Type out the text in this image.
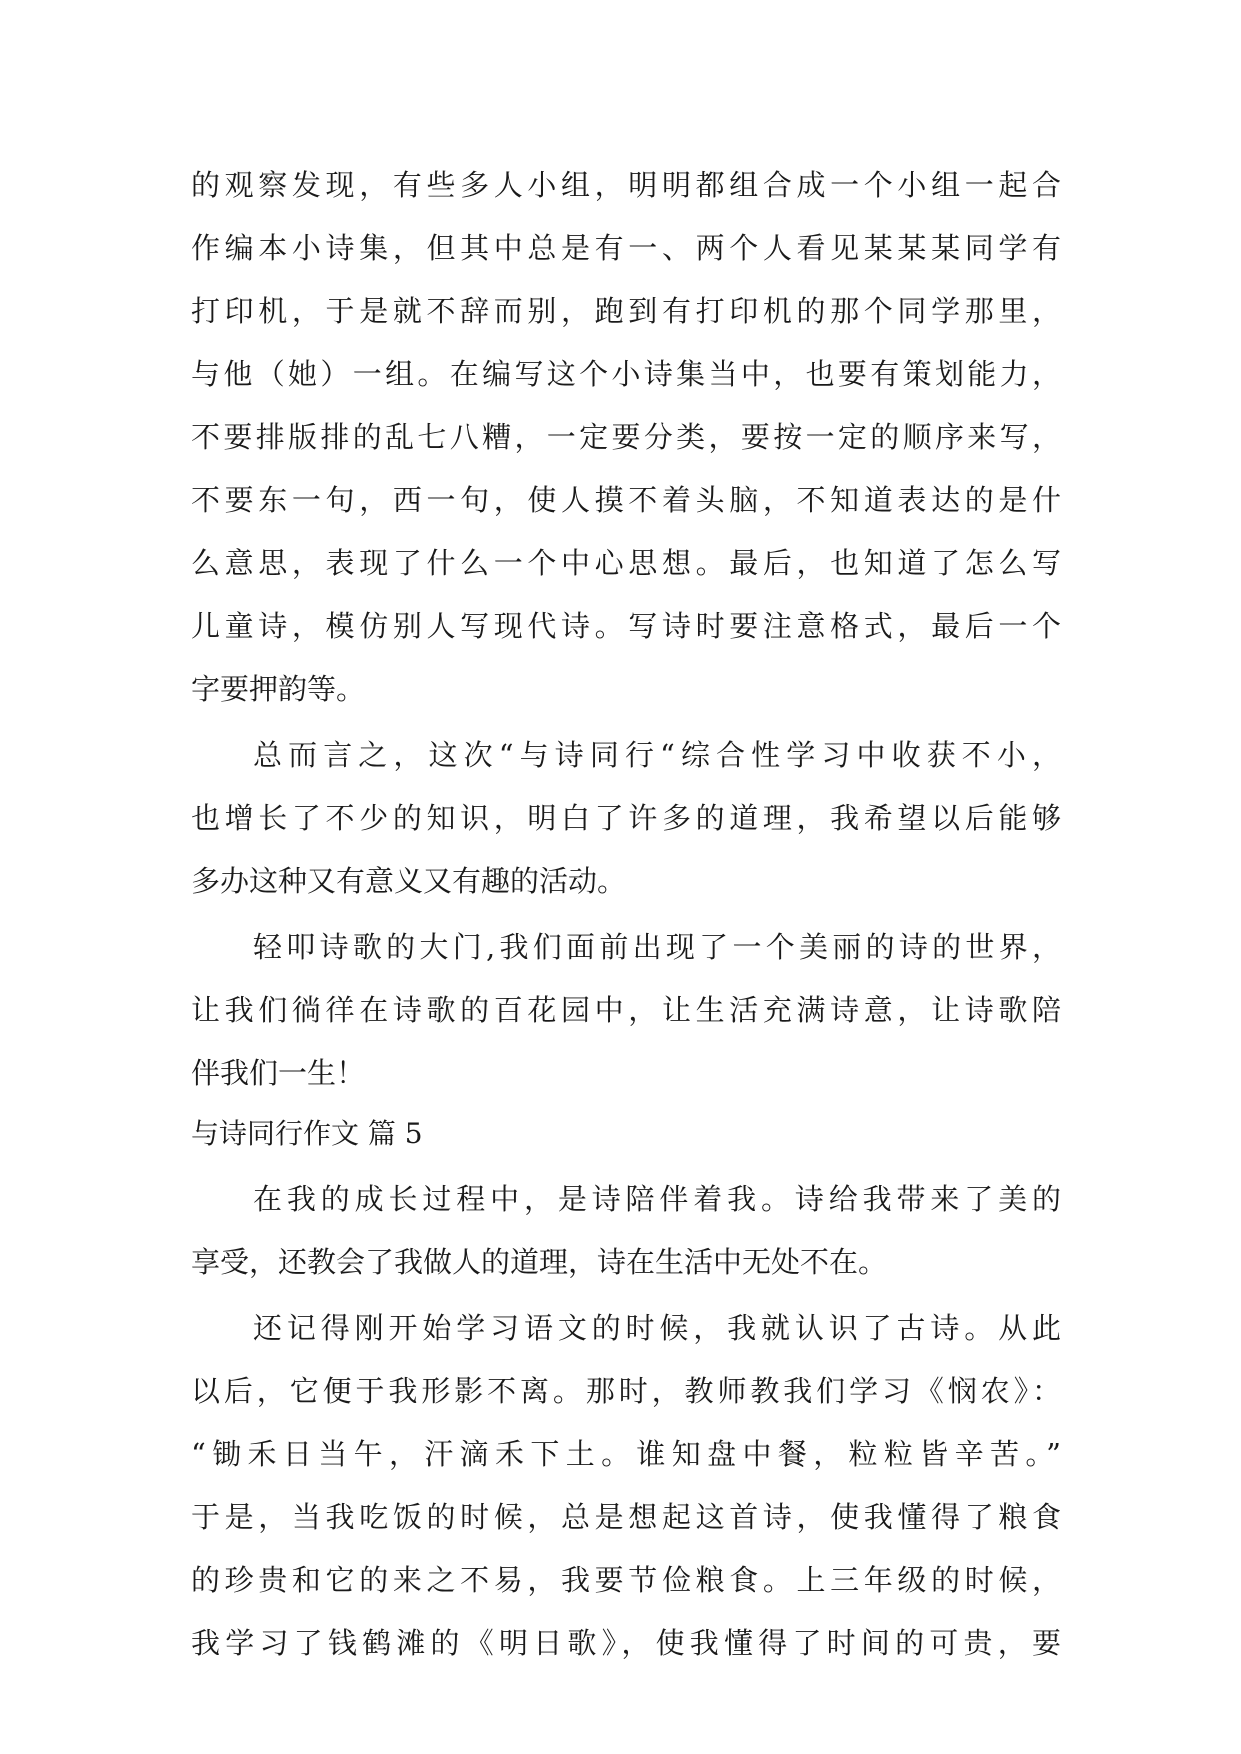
的观察发现，有些多人小组，明明都组合成一个小组一起合
作编本小诗集，但其中总是有一、两个人看见某某某同学有
打印机，于是就不辞而别，跑到有打印机的那个同学那里，
与他（她）一组。在编写这个小诗集当中，也要有策划能力，
不要排版排的乱七八糟，一定要分类，要按一定的顺序来写，
不要东一句，西一句，使人摸不着头脑，不知道表达的是什
么意思，表现了什么一个中心思想。最后，也知道了怎么写
儿童诗，模仿别人写现代诗。写诗时要注意格式，最后一个
字要押韵等。
总而言之，这次“与诗同行“综合性学习中收获不小，
也增长了不少的知识，明白了许多的道理，我希望以后能够
多办这种又有意义又有趣的活动。
轻叩诗歌的大门,我们面前出现了一个美丽的诗的世界，
让我们徜徉在诗歌的百花园中，让生活充满诗意，让诗歌陪
伴我们一生！
与诗同行作文 篇 5
在我的成长过程中，是诗陪伴着我。诗给我带来了美的
享受，还教会了我做人的道理，诗在生活中无处不在。
还记得刚开始学习语文的时候，我就认识了古诗。从此
以后，它便于我形影不离。那时，教师教我们学习《悯农》：
“锄禾日当午，汗滴禾下土。谁知盘中餐，粒粒皆辛苦。”
于是，当我吃饭的时候，总是想起这首诗，使我懂得了粮食
的珍贵和它的来之不易，我要节俭粮食。上三年级的时候，
我学习了钱鹤滩的《明日歌》，使我懂得了时间的可贵，要
